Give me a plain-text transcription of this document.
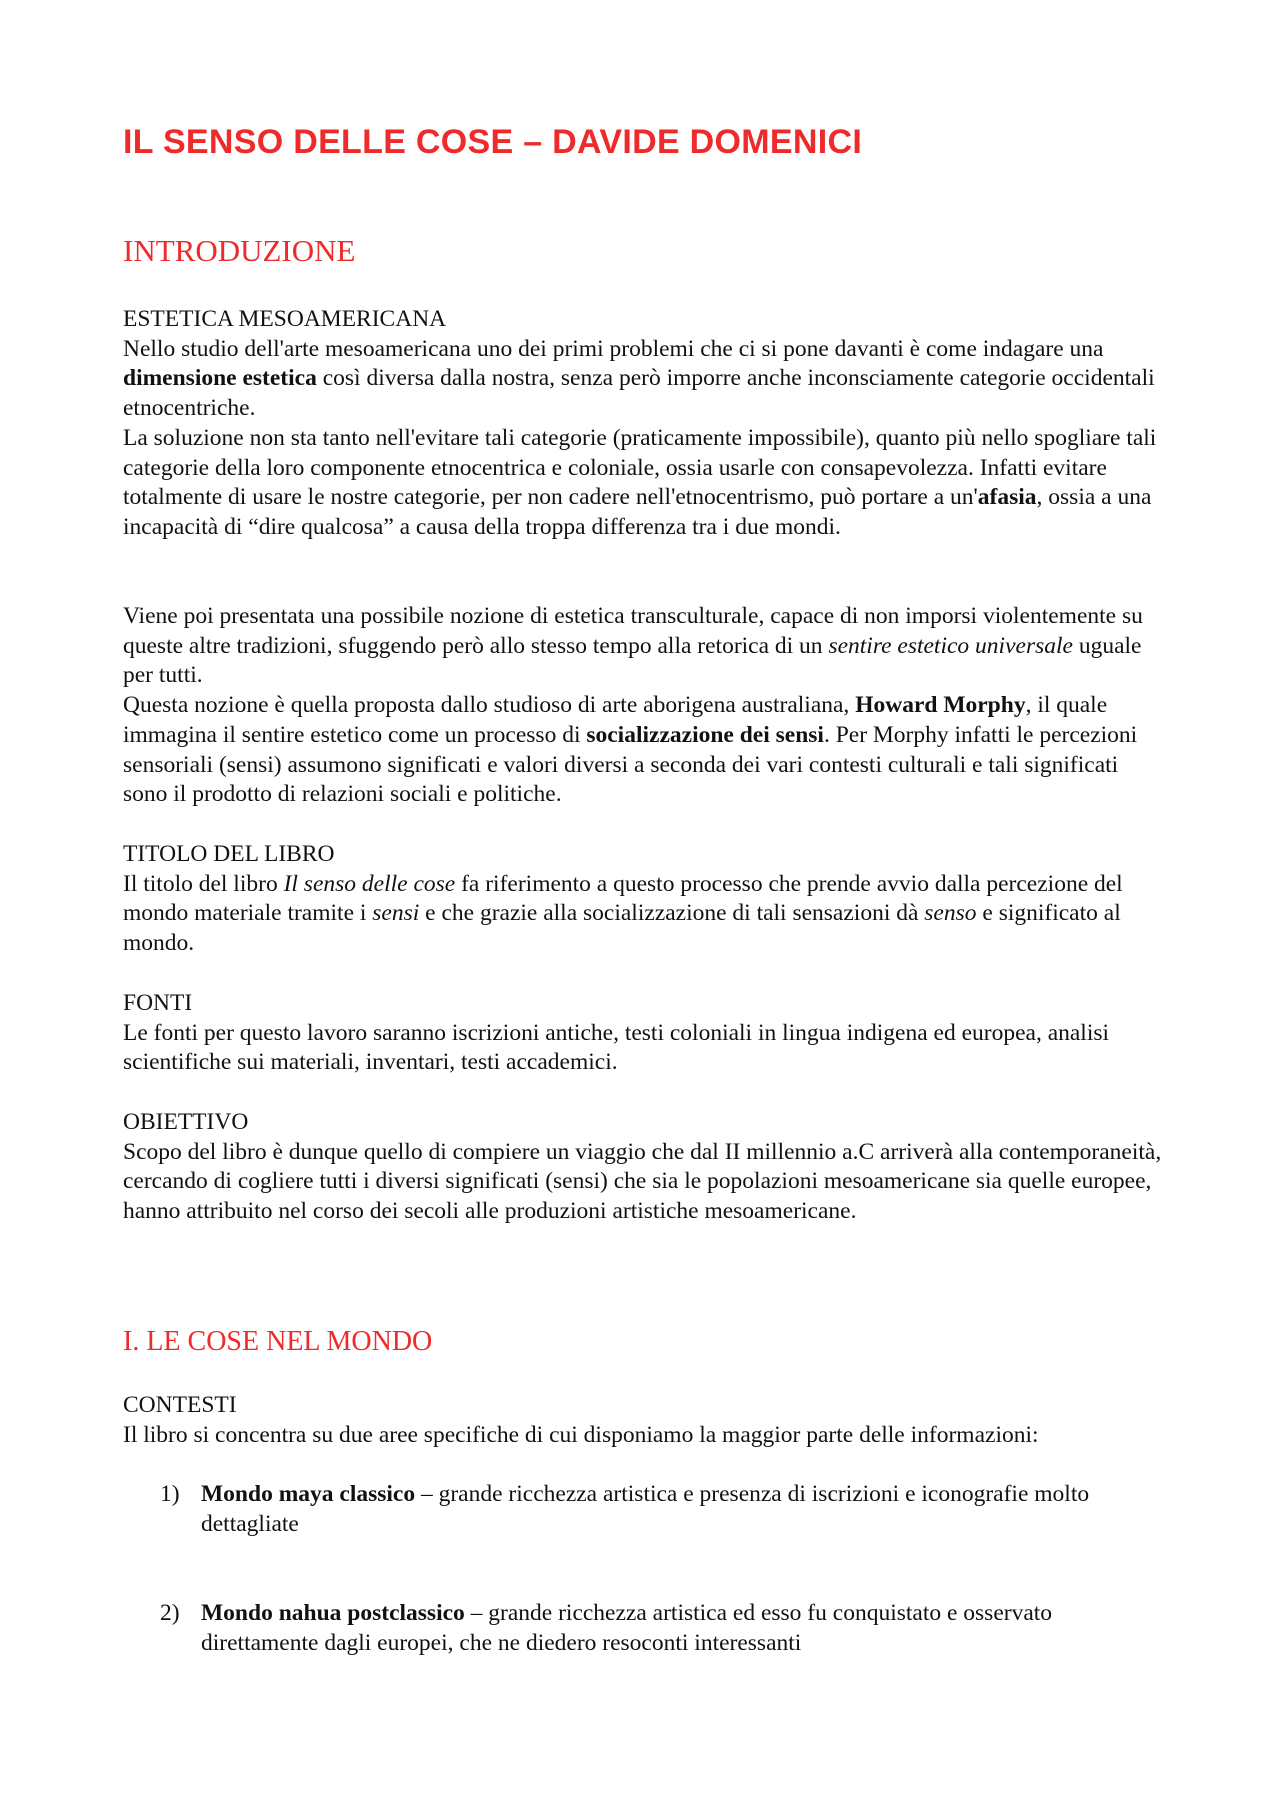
IL SENSO DELLE COSE – DAVIDE DOMENICI
INTRODUZIONE

ESTETICA MESOAMERICANA

Nello studio dell'arte mesoamericana uno dei primi problemi che ci si pone davanti è come indagare una dimensione estetica così diversa dalla nostra, senza però imporre anche inconsciamente categorie occidentali etnocentriche.

La soluzione non sta tanto nell'evitare tali categorie (praticamente impossibile), quanto più nello spogliare tali categorie della loro componente etnocentrica e coloniale, ossia usarle con consapevolezza. Infatti evitare totalmente di usare le nostre categorie, per non cadere nell'etnocentrismo, può portare a un'afasia, ossia a una incapacità di “dire qualcosa” a causa della troppa differenza tra i due mondi.

Viene poi presentata una possibile nozione di estetica transculturale, capace di non imporsi violentemente su queste altre tradizioni, sfuggendo però allo stesso tempo alla retorica di un sentire estetico universale uguale per tutti.

Questa nozione è quella proposta dallo studioso di arte aborigena australiana, Howard Morphy, il quale immagina il sentire estetico come un processo di socializzazione dei sensi. Per Morphy infatti le percezioni sensoriali (sensi) assumono significati e valori diversi a seconda dei vari contesti culturali e tali significati sono il prodotto di relazioni sociali e politiche.

TITOLO DEL LIBRO

Il titolo del libro Il senso delle cose fa riferimento a questo processo che prende avvio dalla percezione del mondo materiale tramite i sensi e che grazie alla socializzazione di tali sensazioni dà senso e significato al mondo.

FONTI

Le fonti per questo lavoro saranno iscrizioni antiche, testi coloniali in lingua indigena ed europea, analisi scientifiche sui materiali, inventari, testi accademici.

OBIETTIVO

Scopo del libro è dunque quello di compiere un viaggio che dal II millennio a.C arriverà alla contemporaneità, cercando di cogliere tutti i diversi significati (sensi) che sia le popolazioni mesoamericane sia quelle europee, hanno attribuito nel corso dei secoli alle produzioni artistiche mesoamericane.

I. LE COSE NEL MONDO

CONTESTI

Il libro si concentra su due aree specifiche di cui disponiamo la maggior parte delle informazioni:

1) Mondo maya classico – grande ricchezza artistica e presenza di iscrizioni e iconografie molto dettagliate
2) Mondo nahua postclassico – grande ricchezza artistica ed esso fu conquistato e osservato direttamente dagli europei, che ne diedero resoconti interessanti
